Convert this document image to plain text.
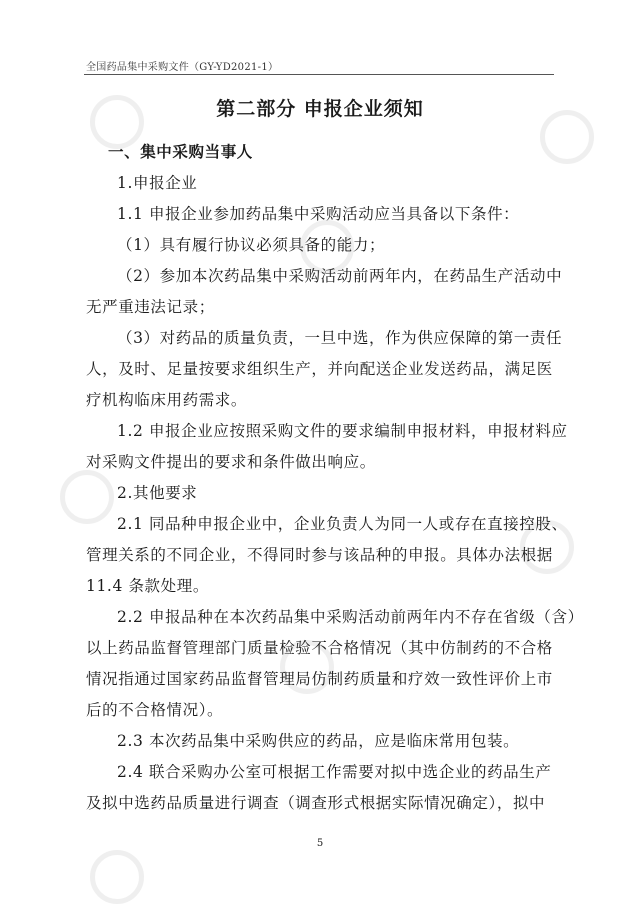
全国药品集中采购文件（GY-YD2021-1）
第二部分 申报企业须知
一、集中采购当事人
1.申报企业
1.1 申报企业参加药品集中采购活动应当具备以下条件：
（1）具有履行协议必须具备的能力；
（2）参加本次药品集中采购活动前两年内，在药品生产活动中
无严重违法记录；
（3）对药品的质量负责，一旦中选，作为供应保障的第一责任
人，及时、足量按要求组织生产，并向配送企业发送药品，满足医
疗机构临床用药需求。
1.2 申报企业应按照采购文件的要求编制申报材料，申报材料应
对采购文件提出的要求和条件做出响应。
2.其他要求
2.1 同品种申报企业中，企业负责人为同一人或存在直接控股、
管理关系的不同企业，不得同时参与该品种的申报。具体办法根据
11.4 条款处理。
2.2 申报品种在本次药品集中采购活动前两年内不存在省级（含）
以上药品监督管理部门质量检验不合格情况（其中仿制药的不合格
情况指通过国家药品监督管理局仿制药质量和疗效一致性评价上市
后的不合格情况）。
2.3 本次药品集中采购供应的药品，应是临床常用包装。
2.4 联合采购办公室可根据工作需要对拟中选企业的药品生产
及拟中选药品质量进行调查（调查形式根据实际情况确定），拟中
5
